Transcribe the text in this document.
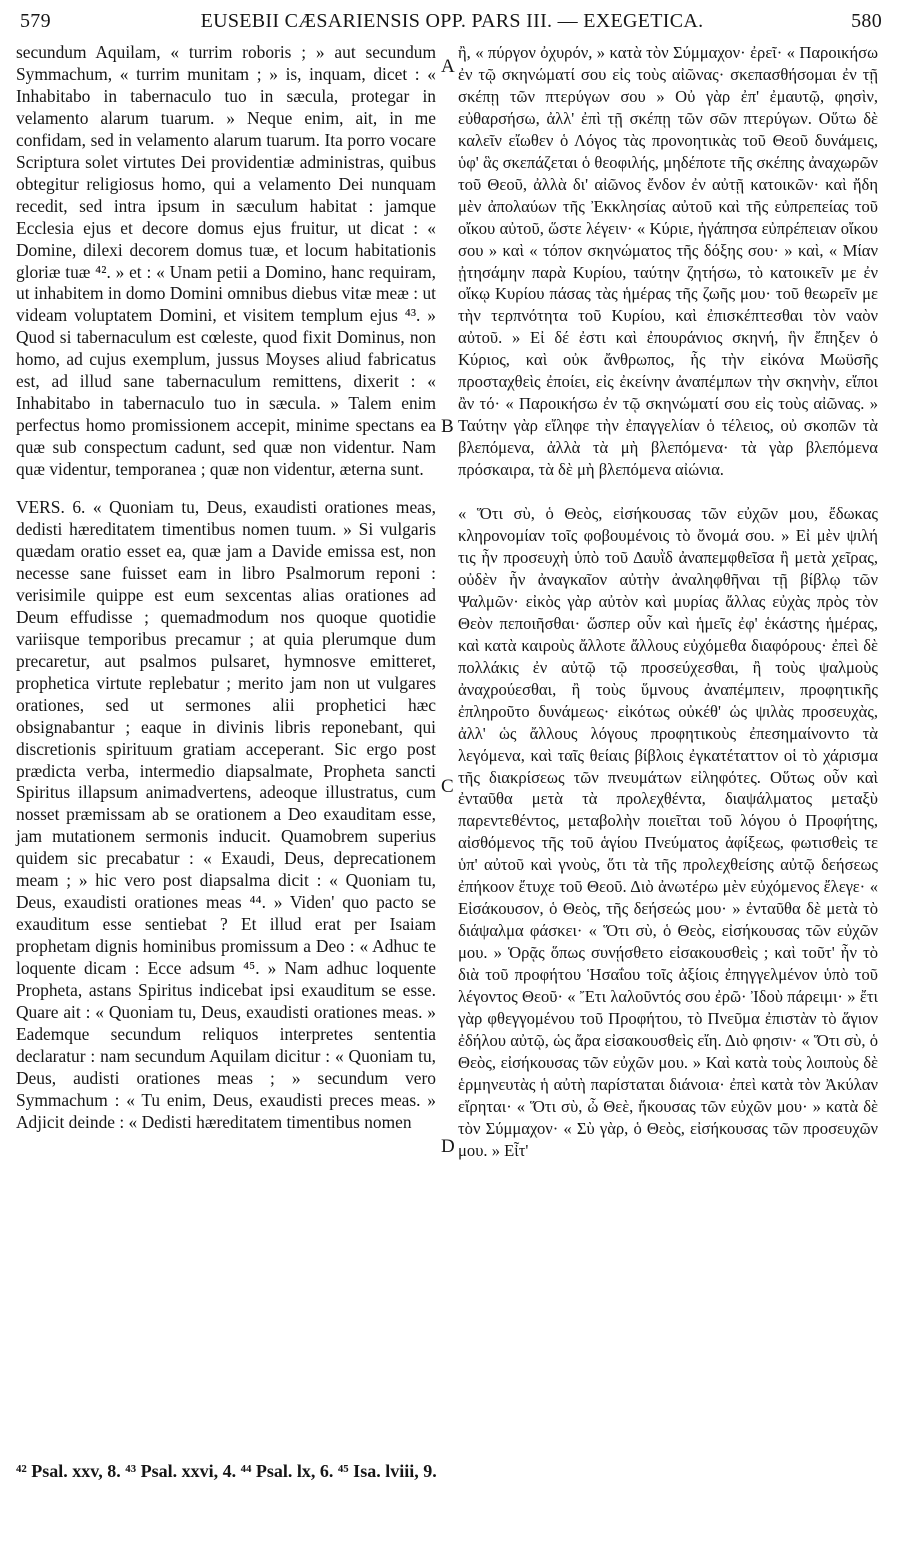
579	EUSEBII CÆSARIENSIS OPP. PARS III. — EXEGETICA.	580

secundum Aquilam, « turrim roboris ; » aut secundum Symmachum, « turrim munitam ; » is, inquam, dicet : « Inhabitabo in tabernaculo tuo in sæcula, protegar in velamento alarum tuarum. » Neque enim, ait, in me confidam, sed in velamento alarum tuarum. Ita porro vocare Scriptura solet virtutes Dei providentiæ administras, quibus obtegitur religiosus homo, qui a velamento Dei nunquam recedit, sed intra ipsum in sæculum habitat : jamque Ecclesia ejus et decore domus ejus fruitur, ut dicat : « Domine, dilexi decorem domus tuæ, et locum habitationis gloriæ tuæ ⁴². » et : « Unam petii a Domino, hanc requiram, ut inhabitem in domo Domini omnibus diebus vitæ meæ : ut videam voluptatem Domini, et visitem templum ejus ⁴³. » Quod si tabernaculum est cœleste, quod fixit Dominus, non homo, ad cujus exemplum, jussus Moyses aliud fabricatus est, ad illud sane tabernaculum remittens, dixerit : « Inhabitabo in tabernaculo tuo in sæcula. » Talem enim perfectus homo promissionem accepit, minime spectans ea quæ sub conspectum cadunt, sed quæ non videntur. Nam quæ videntur, temporanea ; quæ non videntur, æterna sunt.

VERS. 6. « Quoniam tu, Deus, exaudisti orationes meas, dedisti hæreditatem timentibus nomen tuum. » Si vulgaris quædam oratio esset ea, quæ jam a Davide emissa est, non necesse sane fuisset eam in libro Psalmorum reponi : verisimile quippe est eum sexcentas alias orationes ad Deum effudisse ; quemadmodum nos quoque quotidie variisque temporibus precamur ; at quia plerumque dum precaretur, aut psalmos pulsaret, hymnosve emitteret, prophetica virtute replebatur ; merito jam non ut vulgares orationes, sed ut sermones alii prophetici hæc obsignabantur ; eaque in divinis libris reponebant, qui discretionis spirituum gratiam acceperant. Sic ergo post prædicta verba, intermedio diapsalmate, Propheta sancti Spiritus illapsum animadvertens, adeoque illustratus, cum nosset præmissam ab se orationem a Deo exauditam esse, jam mutationem sermonis inducit. Quamobrem superius quidem sic precabatur : « Exaudi, Deus, deprecationem meam ; » hic vero post diapsalma dicit : « Quoniam tu, Deus, exaudisti orationes meas ⁴⁴. » Viden' quo pacto se exauditum esse sentiebat ? Et illud erat per Isaiam prophetam dignis hominibus promissum a Deo : « Adhuc te loquente dicam : Ecce adsum ⁴⁵. » Nam adhuc loquente Propheta, astans Spiritus indicebat ipsi exauditum se esse. Quare ait : « Quoniam tu, Deus, exaudisti orationes meas. » Eademque secundum reliquos interpretes sententia declaratur : nam secundum Aquilam dicitur : « Quoniam tu, Deus, audisti orationes meas ; » secundum vero Symmachum : « Tu enim, Deus, exaudisti preces meas. » Adjicit deinde : « Dedisti hæreditatem timentibus nomen

ἢ, « πύργον ὀχυρόν, » κατὰ τὸν Σύμμαχον· ἐρεῖ· « Παροικήσω ἐν τῷ σκηνώματί σου εἰς τοὺς αἰῶνας· σκεπασθήσομαι ἐν τῇ σκέπῃ τῶν πτερύγων σου » Οὐ γὰρ ἐπ' ἐμαυτῷ, φησὶν, εὐθαρσήσω, ἀλλ' ἐπὶ τῇ σκέπῃ τῶν σῶν πτερύγων. Οὕτω δὲ καλεῖν εἴωθεν ὁ Λόγος τὰς προνοητικὰς τοῦ Θεοῦ δυνάμεις, ὑφ' ἃς σκεπάζεται ὁ θεοφιλής, μηδέποτε τῆς σκέπης ἀναχωρῶν τοῦ Θεοῦ, ἀλλὰ δι' αἰῶνος ἔνδον ἐν αὐτῇ κατοικῶν· καὶ ἤδη μὲν ἀπολαύων τῆς Ἐκκλησίας αὐτοῦ καὶ τῆς εὐπρεπείας τοῦ οἴκου αὐτοῦ, ὥστε λέγειν· « Κύριε, ἠγάπησα εὐπρέπειαν οἴκου σου » καὶ « τόπον σκηνώματος τῆς δόξης σου· » καὶ, « Μίαν ᾐτησάμην παρὰ Κυρίου, ταύτην ζητήσω, τὸ κατοικεῖν με ἐν οἴκῳ Κυρίου πάσας τὰς ἡμέρας τῆς ζωῆς μου· τοῦ θεωρεῖν με τὴν τερπνότητα τοῦ Κυρίου, καὶ ἐπισκέπτεσθαι τὸν ναὸν αὐτοῦ. » Εἰ δέ ἐστι καὶ ἐπουράνιος σκηνή, ἣν ἔπηξεν ὁ Κύριος, καὶ οὐκ ἄνθρωπος, ἧς τὴν εἰκόνα Μωϋσῆς προσταχθεὶς ἐποίει, εἰς ἐκείνην ἀναπέμπων τὴν σκηνὴν, εἴποι ἂν τό· « Παροικήσω ἐν τῷ σκηνώματί σου εἰς τοὺς αἰῶνας. » Ταύτην γὰρ εἴληφε τὴν ἐπαγγελίαν ὁ τέλειος, οὐ σκοπῶν τὰ βλεπόμενα, ἀλλὰ τὰ μὴ βλεπόμενα· τὰ γὰρ βλεπόμενα πρόσκαιρα, τὰ δὲ μὴ βλεπόμενα αἰώνια.

« Ὅτι σὺ, ὁ Θεὸς, εἰσήκουσας τῶν εὐχῶν μου, ἔδωκας κληρονομίαν τοῖς φοβουμένοις τὸ ὄνομά σου. » Εἰ μὲν ψιλή τις ἦν προσευχὴ ὑπὸ τοῦ Δαυῒδ ἀναπεμφθεῖσα ἢ μετὰ χεῖρας, οὐδὲν ἦν ἀναγκαῖον αὐτὴν ἀναληφθῆναι τῇ βίβλῳ τῶν Ψαλμῶν· εἰκὸς γὰρ αὐτὸν καὶ μυρίας ἄλλας εὐχὰς πρὸς τὸν Θεὸν πεποιῆσθαι· ὥσπερ οὖν καὶ ἡμεῖς ἐφ' ἑκάστης ἡμέρας, καὶ κατὰ καιροὺς ἄλλοτε ἄλλους εὐχόμεθα διαφόρους· ἐπεὶ δὲ πολλάκις ἐν αὐτῷ τῷ προσεύχεσθαι, ἢ τοὺς ψαλμοὺς ἀναχρούεσθαι, ἢ τοὺς ὕμνους ἀναπέμπειν, προφητικῆς ἐπληροῦτο δυνάμεως· εἰκότως οὐκέθ' ὡς ψιλὰς προσευχὰς, ἀλλ' ὡς ἄλλους λόγους προφητικοὺς ἐπεσημαίνοντο τὰ λεγόμενα, καὶ ταῖς θείαις βίβλοις ἐγκατέταττον οἱ τὸ χάρισμα τῆς διακρίσεως τῶν πνευμάτων εἰληφότες. Οὕτως οὖν καὶ ἐνταῦθα μετὰ τὰ προλεχθέντα, διαψάλματος μεταξὺ παρεντεθέντος, μεταβολὴν ποιεῖται τοῦ λόγου ὁ Προφήτης, αἰσθόμενος τῆς τοῦ ἁγίου Πνεύματος ἀφίξεως, φωτισθεὶς τε ὑπ' αὐτοῦ καὶ γνοὺς, ὅτι τὰ τῆς προλεχθείσης αὐτῷ δεήσεως ἐπήκοον ἔτυχε τοῦ Θεοῦ. Διὸ ἀνωτέρω μὲν εὐχόμενος ἔλεγε· « Εἰσάκουσον, ὁ Θεὸς, τῆς δεήσεώς μου· » ἐνταῦθα δὲ μετὰ τὸ διάψαλμα φάσκει· « Ὅτι σὺ, ὁ Θεὸς, εἰσήκουσας τῶν εὐχῶν μου. » Ὁρᾷς ὅπως συνῄσθετο εἰσακουσθεὶς ; καὶ τοῦτ' ἦν τὸ διὰ τοῦ προφήτου Ἡσαΐου τοῖς ἀξίοις ἐπηγγελμένον ὑπὸ τοῦ λέγοντος Θεοῦ· « Ἔτι λαλοῦντός σου ἐρῶ· Ἰδοὺ πάρειμι· » ἔτι γὰρ φθεγγομένου τοῦ Προφήτου, τὸ Πνεῦμα ἐπιστὰν τὸ ἅγιον ἐδήλου αὐτῷ, ὡς ἄρα εἰσακουσθεὶς εἴη. Διὸ φησιν· « Ὅτι σὺ, ὁ Θεὸς, εἰσήκουσας τῶν εὐχῶν μου. » Καὶ κατὰ τοὺς λοιποὺς δὲ ἑρμηνευτὰς ἡ αὐτὴ παρίσταται διάνοια· ἐπεὶ κατὰ τὸν Ἀκύλαν εἴρηται· « Ὅτι σὺ, ὦ Θεὲ, ἤκουσας τῶν εὐχῶν μου· » κατὰ δὲ τὸν Σύμμαχον· « Σὺ γὰρ, ὁ Θεὸς, εἰσήκουσας τῶν προσευχῶν μου. » Εἶτ'

A
B
C
D
⁴² Psal. xxv, 8. ⁴³ Psal. xxvi, 4. ⁴⁴ Psal. lx, 6. ⁴⁵ Isa. lviii, 9.
